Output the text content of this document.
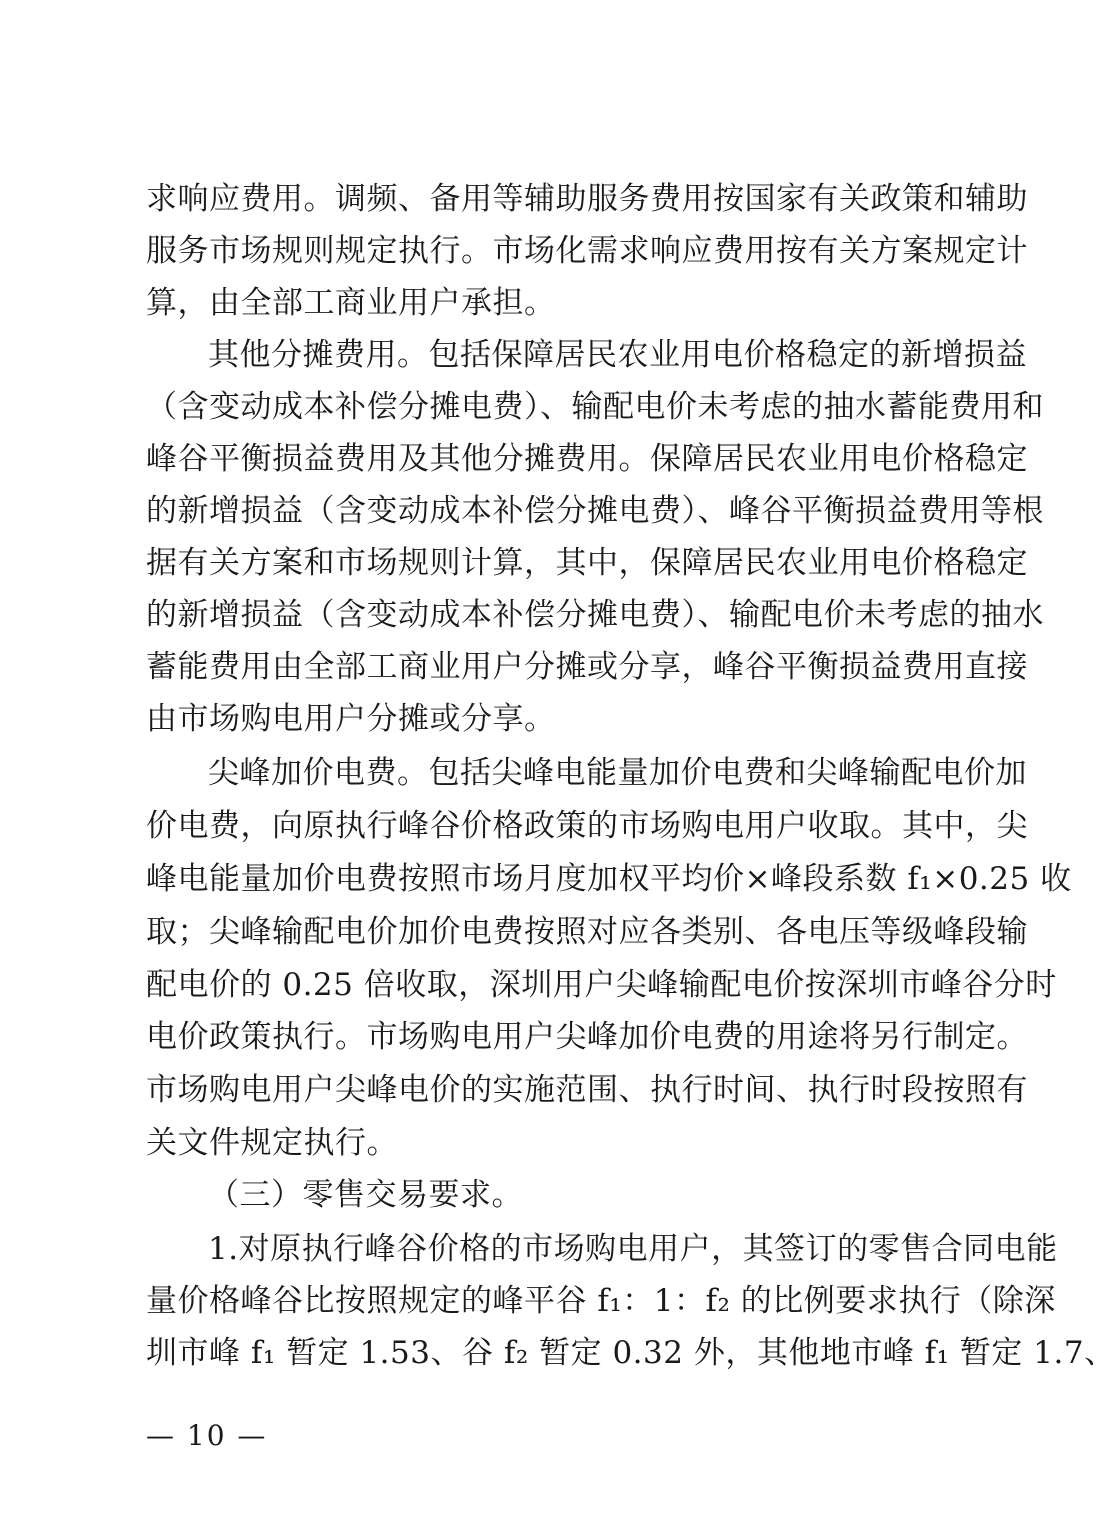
求响应费用。调频、备用等辅助服务费用按国家有关政策和辅助
服务市场规则规定执行。市场化需求响应费用按有关方案规定计
算，由全部工商业用户承担。
其他分摊费用。包括保障居民农业用电价格稳定的新增损益
（含变动成本补偿分摊电费）、输配电价未考虑的抽水蓄能费用和
峰谷平衡损益费用及其他分摊费用。保障居民农业用电价格稳定
的新增损益（含变动成本补偿分摊电费）、峰谷平衡损益费用等根
据有关方案和市场规则计算，其中，保障居民农业用电价格稳定
的新增损益（含变动成本补偿分摊电费）、输配电价未考虑的抽水
蓄能费用由全部工商业用户分摊或分享，峰谷平衡损益费用直接
由市场购电用户分摊或分享。
尖峰加价电费。包括尖峰电能量加价电费和尖峰输配电价加
价电费，向原执行峰谷价格政策的市场购电用户收取。其中，尖
峰电能量加价电费按照市场月度加权平均价×峰段系数 f₁×0.25 收
取；尖峰输配电价加价电费按照对应各类别、各电压等级峰段输
配电价的 0.25 倍收取，深圳用户尖峰输配电价按深圳市峰谷分时
电价政策执行。市场购电用户尖峰加价电费的用途将另行制定。
市场购电用户尖峰电价的实施范围、执行时间、执行时段按照有
关文件规定执行。
（三）零售交易要求。
1.对原执行峰谷价格的市场购电用户，其签订的零售合同电能
量价格峰谷比按照规定的峰平谷 f₁：1：f₂ 的比例要求执行（除深
圳市峰 f₁ 暂定 1.53、谷 f₂ 暂定 0.32 外，其他地市峰 f₁ 暂定 1.7、
— 10 —
